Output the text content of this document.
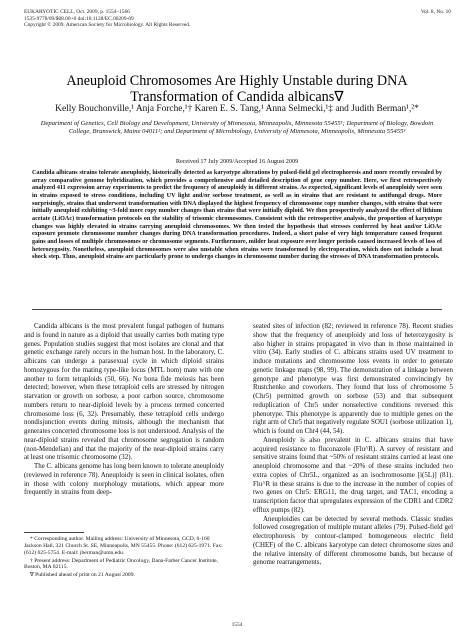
EUKARYOTIC CELL, Oct. 2009, p. 1554–1566
1535-9778/09/$08.00+0 doi:10.1128/EC.00209-09
Copyright © 2009, American Society for Microbiology. All Rights Reserved.
Vol. 8, No. 10
Aneuploid Chromosomes Are Highly Unstable during DNA
Transformation of Candida albicans∇
Kelly Bouchonville,¹ Anja Forche,¹† Karen E. S. Tang,¹ Anna Selmecki,¹‡ and Judith Berman¹,²*
Department of Genetics, Cell Biology and Development, University of Minnesota, Minneapolis, Minnesota 55455¹; Department of Biology, Bowdoin College, Brunswick, Maine 04011²; and Department of Microbiology, University of Minnesota, Minneapolis, Minnesota 55455³
Received 17 July 2009/Accepted 16 August 2009
Candida albicans strains tolerate aneuploidy, historically detected as karyotype alterations by pulsed-field gel electrophoresis and more recently revealed by array comparative genome hybridization, which provides a comprehensive and detailed description of gene copy number. Here, we first retrospectively analyzed 411 expression array experiments to predict the frequency of aneuploidy in different strains. As expected, significant levels of aneuploidy were seen in strains exposed to stress conditions, including UV light and/or sorbose treatment, as well as in strains that are resistant to antifungal drugs. More surprisingly, strains that underwent transformation with DNA displayed the highest frequency of chromosome copy number changes, with strains that were initially aneuploid exhibiting ~3-fold more copy number changes than strains that were initially diploid. We then prospectively analyzed the effect of lithium acetate (LiOAc) transformation protocols on the stability of trisomic chromosomes. Consistent with the retrospective analysis, the proportion of karyotype changes was highly elevated in strains carrying aneuploid chromosomes. We then tested the hypothesis that stresses conferred by heat and/or LiOAc exposure promote chromosome number changes during DNA transformation procedures. Indeed, a short pulse of very high temperature caused frequent gains and losses of multiple chromosomes or chromosome segments. Furthermore, milder heat exposure over longer periods caused increased levels of loss of heterozygosity. Nonetheless, aneuploid chromosomes were also unstable when strains were transformed by electroporation, which does not include a heat shock step. Thus, aneuploid strains are particularly prone to undergo changes in chromosome number during the stresses of DNA transformation protocols.

Candida albicans is the most prevalent fungal pathogen of humans and is found in nature as a diploid that usually carries both mating type genes. Population studies suggest that most isolates are clonal and that genetic exchange rarely occurs in the human host. In the laboratory, C. albicans can undergo a parasexual cycle in which diploid strains homozygous for the mating type-like locus (MTL hom) mate with one another to form tetraploids (50, 66). No bona fide meiosis has been detected; however, when these tetraploid cells are stressed by nitrogen starvation or growth on sorbose, a poor carbon source, chromosome numbers return to near-diploid levels by a process termed concerted chromosome loss (6, 32). Presumably, these tetraploid cells undergo nondisjunction events during mitosis, although the mechanism that generates concerted chromosome loss is not understood. Analysis of the near-diploid strains revealed that chromosome segregation is random (non-Mendelian) and that the majority of the near-diploid strains carry at least one trisomic chromosome (32).

The C. albicans genome has long been known to tolerate aneuploidy (reviewed in reference 78). Aneuploidy is seen in clinical isolates, often in those with colony morphology mutations, which appear more frequently in strains from deep-

seated sites of infection (82; reviewed in reference 78). Recent studies show that the frequency of aneuploidy and loss of heterozygosity is also higher in strains propagated in vivo than in those maintained in vitro (34). Early studies of C. albicans strains used UV treatment to induce mutations and chromosome loss events in order to generate genetic linkage maps (98, 99). The demonstration of a linkage between genotype and phenotype was first demonstrated convincingly by Rustchenko and coworkers. They found that loss of chromosome 5 (Chr5) permitted growth on sorbose (53) and that subsequent reduplication of Chr5 under nonselective conditions reversed this phenotype. This phenotype is apparently due to multiple genes on the right arm of Chr5 that negatively regulate SOU1 (sorbose utilization 1), which is found on Chr4 (44, 54).

Aneuploidy is also prevalent in C. albicans strains that have acquired resistance to fluconazole (Flu^R). A survey of resistant and sensitive strains found that ~50% of resistant strains carried at least one aneuploid chromosome and that ~20% of these strains included two extra copies of Chr5L, organized as an isochromosome [i(5L)] (81). Flu^R in these strains is due to the increase in the number of copies of two genes on Chr5: ERG11, the drug target, and TAC1, encoding a transcription factor that upregulates expression of the CDR1 and CDR2 efflux pumps (82).

Aneuploidies can be detected by several methods. Classic studies followed cosegregation of multiple mutant alleles (79). Pulsed-field gel electrophoresis by contour-clamped homogeneous electric field (CHEF) of the C. albicans karyotype can detect chromosome sizes and the relative intensity of different chromosome bands, but because of genome rearrangements,

* Corresponding author. Mailing address: University of Minnesota, GCD, 6-160 Jackson Hall, 321 Church St. SE, Minneapolis, MN 55455. Phone: (612) 625-1971. Fax: (612) 625-5754. E-mail: jberman@umn.edu.

† Present address: Department of Pediatric Oncology, Dana-Farber Cancer Institute, Boston, MA 02115.

∇ Published ahead of print on 21 August 2009.

1554
